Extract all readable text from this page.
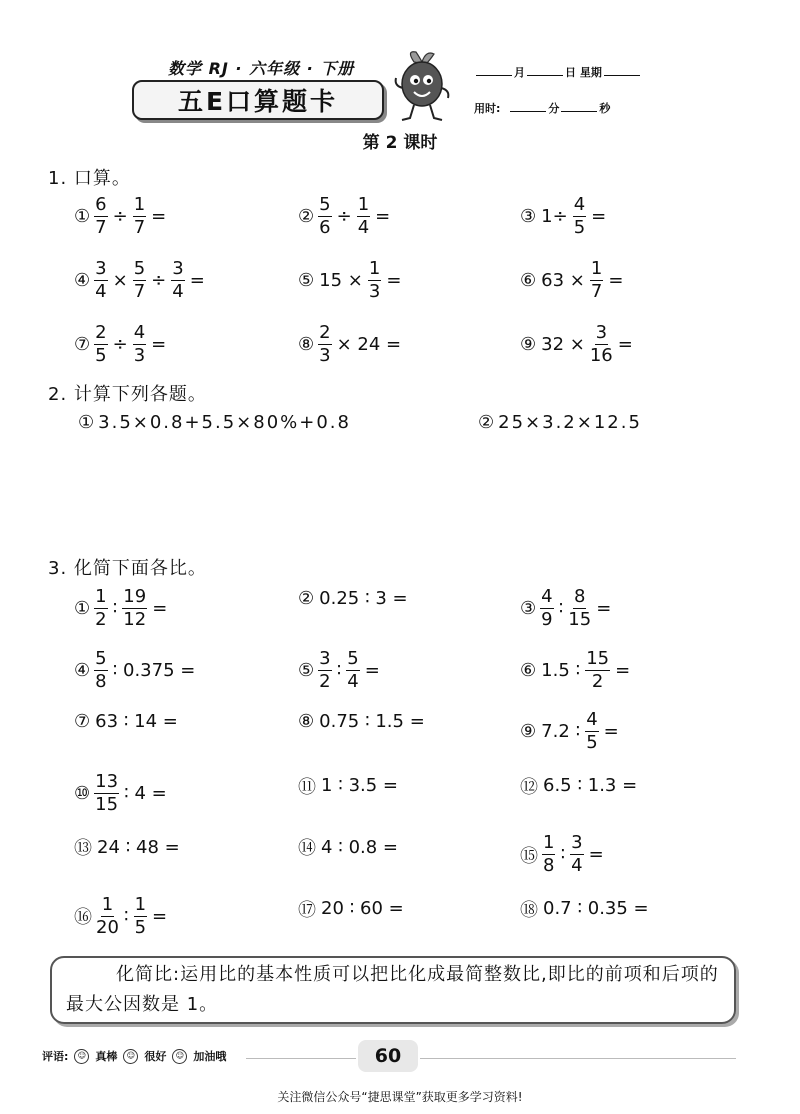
数学 RJ · 六年级 · 下册
五E口算题卡
月	日 星期
用时:	分	秒
第 2 课时
1. 口算。
① $\frac{6}{7} \div \frac{1}{7}$ =	② $\frac{5}{6} \div \frac{1}{4}$ =	③ $1\div \frac{4}{5}$ =
④ $\frac{3}{4} \times \frac{5}{7} \div \frac{3}{4}$ =	⑤ $15 \times \frac{1}{3}$ =	⑥ $63 \times \frac{1}{7}$ =
⑦ $\frac{2}{5} \div \frac{4}{3}$ =	⑧ $\frac{2}{3} \times 24$ =	⑨ $32 \times \frac{3}{16}$ =
2. 计算下列各题。
① 3.5×0.8+5.5×80%+0.8	② 25×3.2×12.5
3. 化简下面各比。
① $\frac{1}{2}$ ∶ $\frac{19}{12}$ =	② 0.25 ∶ 3 =	③ $\frac{4}{9}$ ∶ $\frac{8}{15}$ =
④ $\frac{5}{8}$ ∶ 0.375 =	⑤ $\frac{3}{2}$ ∶ $\frac{5}{4}$ =	⑥ 1.5 ∶ $\frac{15}{2}$ =
⑦ 63 ∶ 14 =	⑧ 0.75 ∶ 1.5 =	⑨ 7.2 ∶ $\frac{4}{5}$ =
⑩ $\frac{13}{15}$ ∶ 4 =	⑪ 1 ∶ 3.5 =	⑫ 6.5 ∶ 1.3 =
⑬ 24 ∶ 48 =	⑭ 4 ∶ 0.8 =	⑮ $\frac{1}{8}$ ∶ $\frac{3}{4}$ =
⑯ $\frac{1}{20}$ ∶ $\frac{1}{5}$ =	⑰ 20 ∶ 60 =	⑱ 0.7 ∶ 0.35 =
化简比:运用比的基本性质可以把比化成最简整数比,即比的前项和后项的最大公因数是 1。
评语:	☺ 真棒	☺ 很好	☺ 加油哦	60
关注微信公众号“捷思课堂”获取更多学习资料!
